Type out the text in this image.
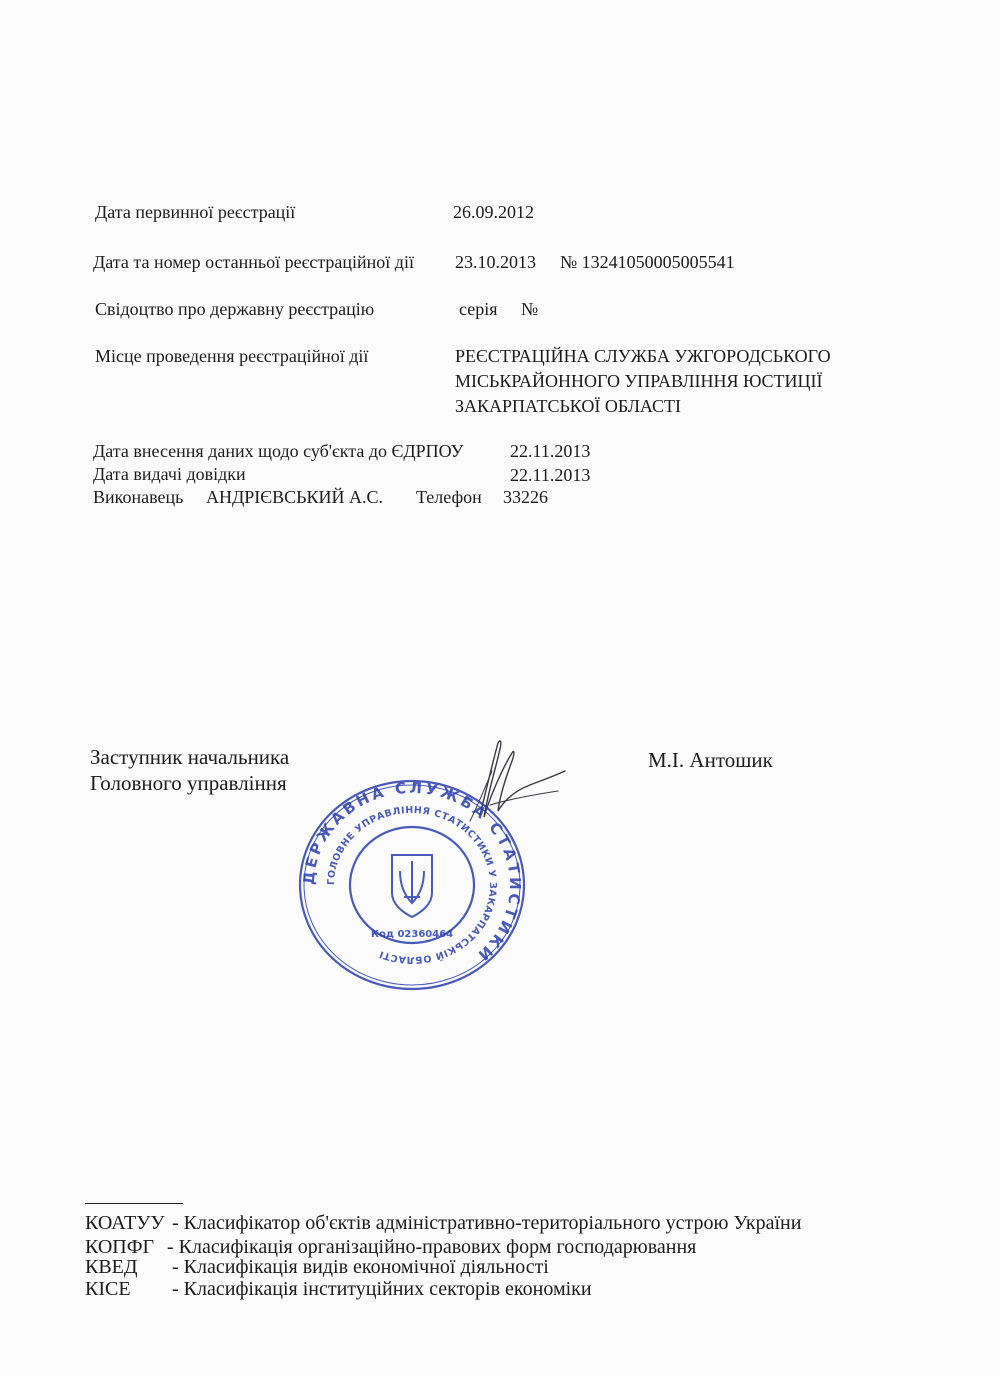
Дата первинної реєстрації	26.09.2012
Дата та номер останньої реєстраційної дії 23.10.2013 № 13241050005005541
Свідоцтво про державну реєстрацію	серія №
Місце проведення реєстраційної дії	РЕЄСТРАЦІЙНА СЛУЖБА УЖГОРОДСЬКОГО
МІСЬКРАЙОННОГО УПРАВЛІННЯ ЮСТИЦІЇ
ЗАКАРПАТСЬКОЇ ОБЛАСТІ
Дата внесення даних щодо суб'єкта до ЄДРПОУ	22.11.2013
Дата видачі довідки	22.11.2013
Виконавець АНДРІЄВСЬКИЙ А.С. Телефон 33226
Заступник начальника
Головного управління
М.І. Антошик
ДЕРЖАВНА СЛУЖБА СТАТИСТИКИ
ГОЛОВНЕ УПРАВЛІННЯ СТАТИСТИКИ У ЗАКАРПАТСЬКІЙ ОБЛАСТІ
Код 02360464
КОАТУУ - Класифікатор об'єктів адміністративно-територіального устрою України
КОПФГ - Класифікація організаційно-правових форм господарювання
КВЕД - Класифікація видів економічної діяльності
КІСЕ - Класифікація інституційних секторів економіки
